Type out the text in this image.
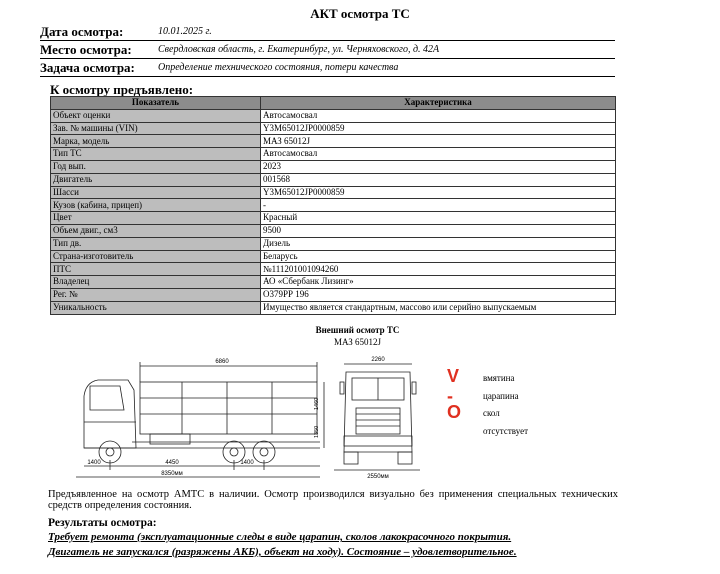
АКТ осмотра ТС
Дата осмотра:	10.01.2025 г.
Место осмотра:	Свердловская область, г. Екатеринбург, ул. Черняховского, д. 42А
Задача осмотра: Определение технического состояния, потери качества
К осмотру предъявлено:
Показатель	Характеристика
Объект оценки	Автосамосвал
Зав. № машины (VIN)	Y3M65012JP0000859
Марка, модель	МАЗ 65012J
Тип ТС	Автосамосвал
Год вып.	2023
Двигатель	001568
Шасси	Y3M65012JP0000859
Кузов (кабина, прицеп)	-
Цвет	Красный
Объем двиг., см3	9500
Тип дв.	Дизель
Страна-изготовитель	Беларусь
ПТС	№111201001094260
Владелец	АО «Сбербанк Лизинг»
Рег. №	О379РР 196
Уникальность	Имущество является стандартным, массово или серийно выпускаемым
Внешний осмотр ТС
МАЗ 65012J
6860
1400	4450	1400
8350мм
1460
1350
2260
2550мм
V	вмятина
-	царапина
O скол
отсутствует
Предъявленное на осмотр АМТС в наличии. Осмотр производился визуально без применения специальных технических средств определения состояния.
Результаты осмотра:
Требует ремонта (эксплуатационные следы в виде царапин, сколов лакокрасочного покрытия.
Двигатель не запускался (разряжены АКБ), объект на ходу). Состояние – удовлетворительное.
